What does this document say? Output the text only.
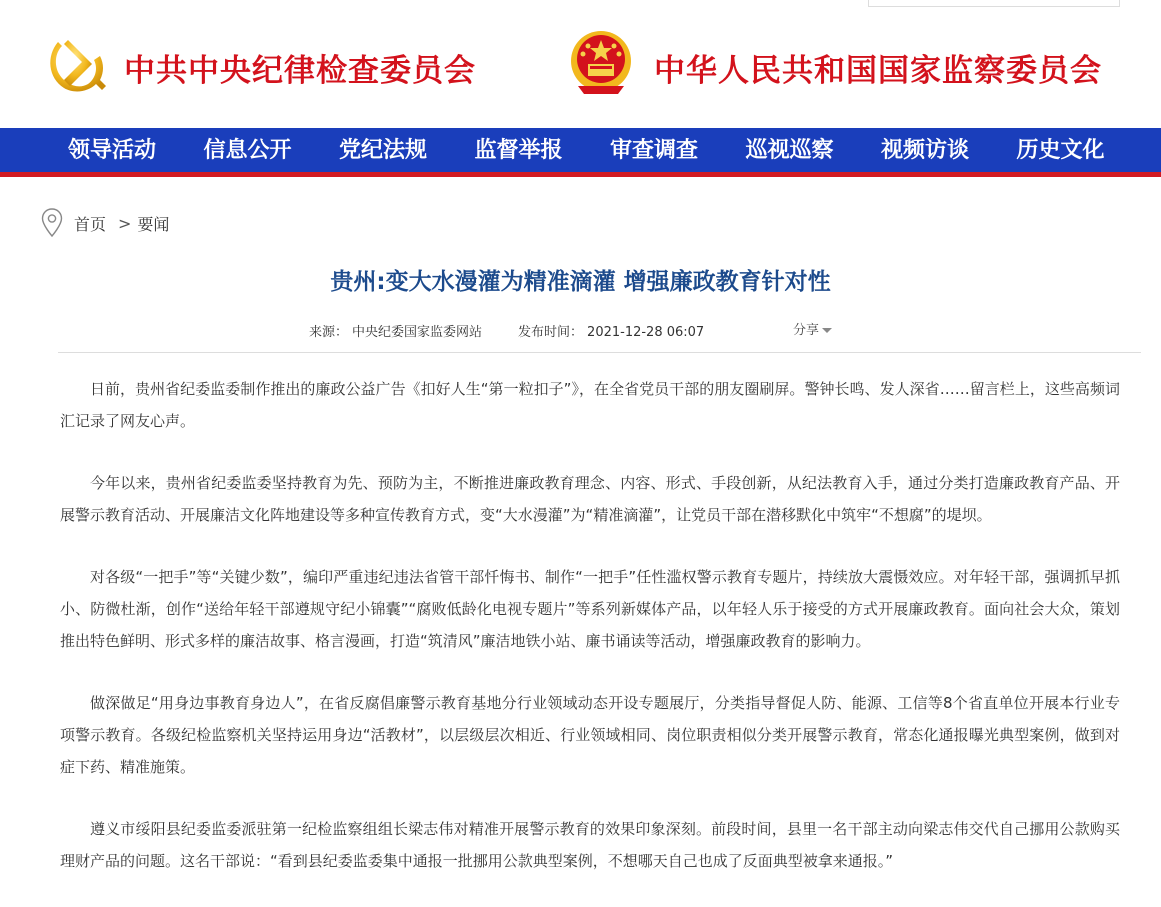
中共中央纪律检查委员会	中华人民共和国国家监察委员会
领导活动	信息公开	党纪法规	监督举报	审查调查	巡视巡察	视频访谈	历史文化
首页 > 要闻
贵州:变大水漫灌为精准滴灌 增强廉政教育针对性
来源： 中央纪委国家监委网站	发布时间： 2021-12-28 06:07	分享

日前，贵州省纪委监委制作推出的廉政公益广告《扣好人生“第一粒扣子”》，在全省党员干部的朋友圈刷屏。警钟长鸣、发人深省……留言栏上，这些高频词汇记录了网友心声。

今年以来，贵州省纪委监委坚持教育为先、预防为主，不断推进廉政教育理念、内容、形式、手段创新，从纪法教育入手，通过分类打造廉政教育产品、开展警示教育活动、开展廉洁文化阵地建设等多种宣传教育方式，变“大水漫灌”为“精准滴灌”，让党员干部在潜移默化中筑牢“不想腐”的堤坝。

对各级“一把手”等“关键少数”，编印严重违纪违法省管干部忏悔书、制作“一把手”任性滥权警示教育专题片，持续放大震慑效应。对年轻干部，强调抓早抓小、防微杜渐，创作“送给年轻干部遵规守纪小锦囊”“腐败低龄化电视专题片”等系列新媒体产品，以年轻人乐于接受的方式开展廉政教育。面向社会大众，策划推出特色鲜明、形式多样的廉洁故事、格言漫画，打造“筑清风”廉洁地铁小站、廉书诵读等活动，增强廉政教育的影响力。

做深做足“用身边事教育身边人”，在省反腐倡廉警示教育基地分行业领域动态开设专题展厅，分类指导督促人防、能源、工信等8个省直单位开展本行业专项警示教育。各级纪检监察机关坚持运用身边“活教材”，以层级层次相近、行业领域相同、岗位职责相似分类开展警示教育，常态化通报曝光典型案例，做到对症下药、精准施策。

遵义市绥阳县纪委监委派驻第一纪检监察组组长梁志伟对精准开展警示教育的效果印象深刻。前段时间，县里一名干部主动向梁志伟交代自己挪用公款购买理财产品的问题。这名干部说：“看到县纪委监委集中通报一批挪用公款典型案例，不想哪天自己也成了反面典型被拿来通报。”
